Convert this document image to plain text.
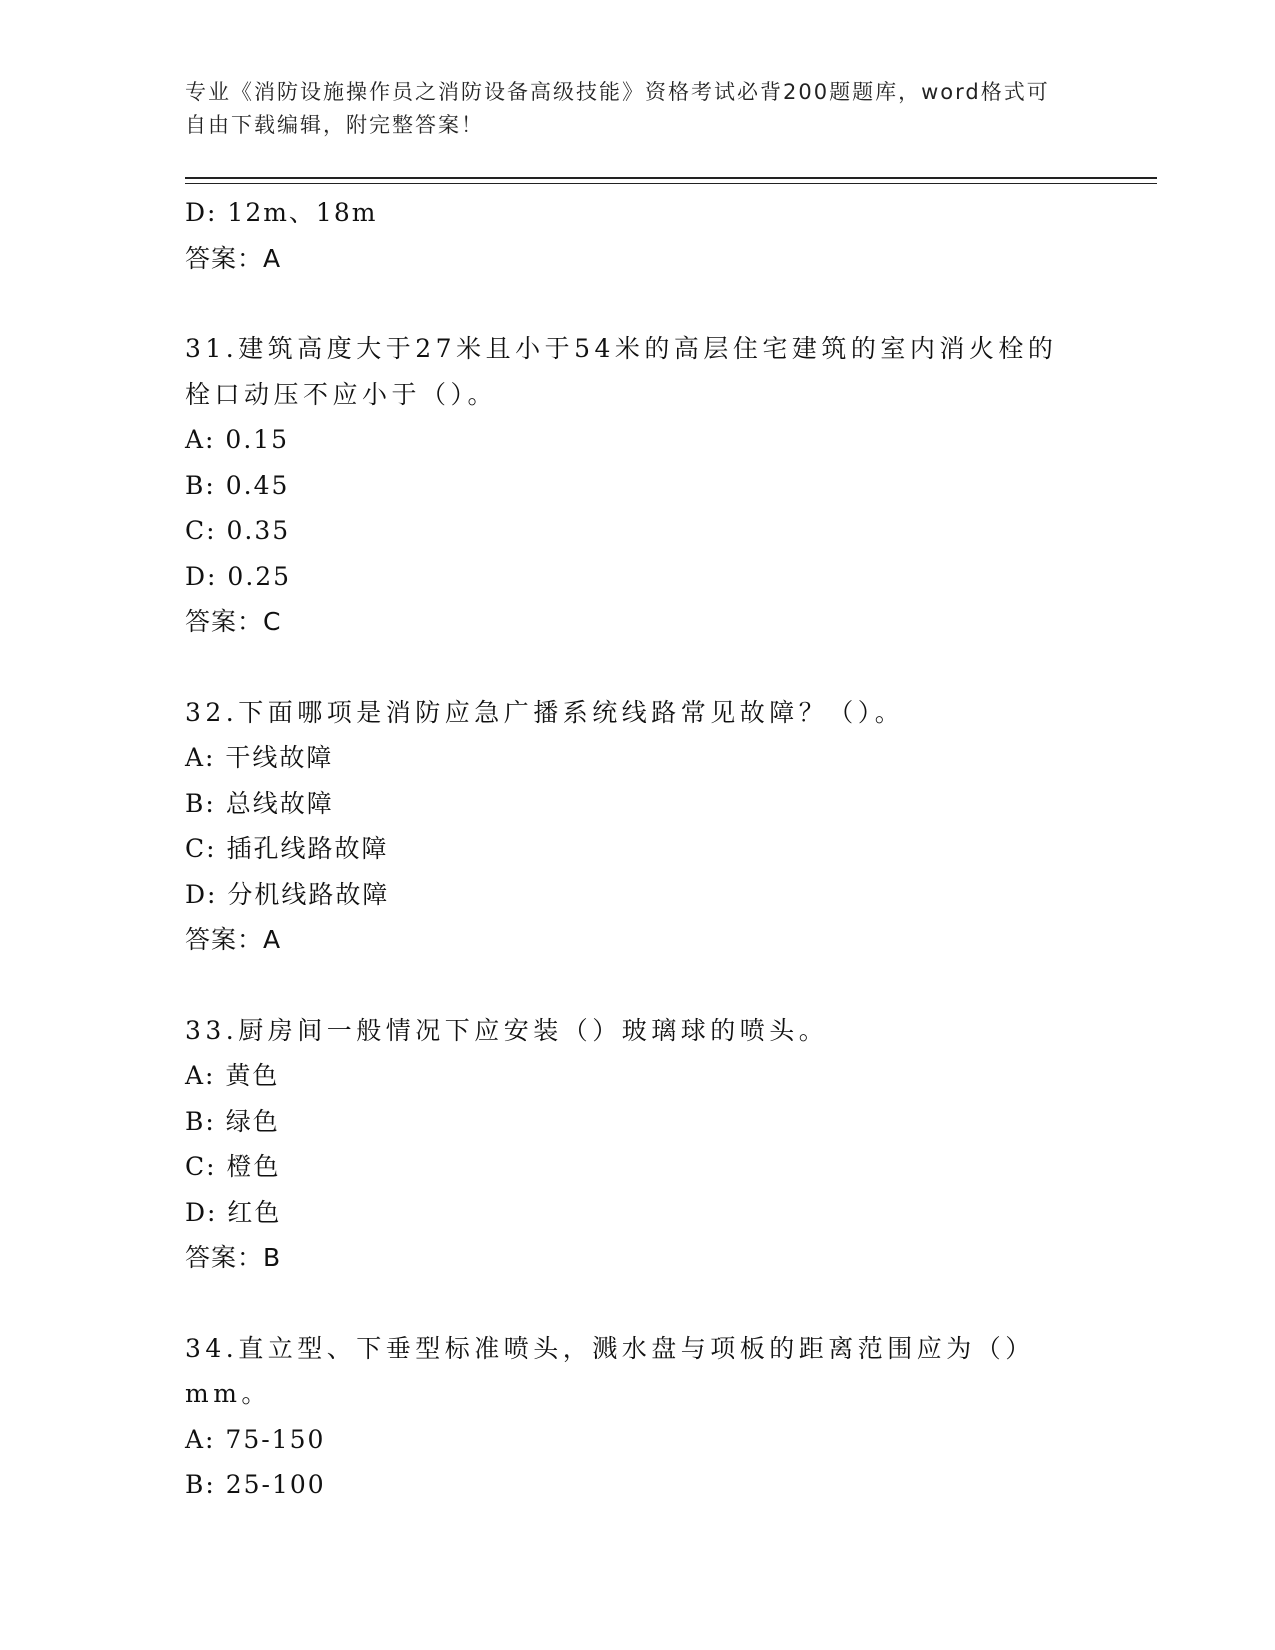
专业《消防设施操作员之消防设备高级技能》资格考试必背200题题库，word格式可自由下载编辑，附完整答案！
D: 12m、18m
答案：A
31.建筑高度大于27米且小于54米的高层住宅建筑的室内消火栓的栓口动压不应小于（）。
A: 0.15
B: 0.45
C: 0.35
D: 0.25
答案：C
32.下面哪项是消防应急广播系统线路常见故障？（）。
A: 干线故障
B: 总线故障
C: 插孔线路故障
D: 分机线路故障
答案：A
33.厨房间一般情况下应安装（）玻璃球的喷头。
A: 黄色
B: 绿色
C: 橙色
D: 红色
答案：B
34.直立型、下垂型标准喷头，溅水盘与项板的距离范围应为（）mm。
A: 75-150
B: 25-100
